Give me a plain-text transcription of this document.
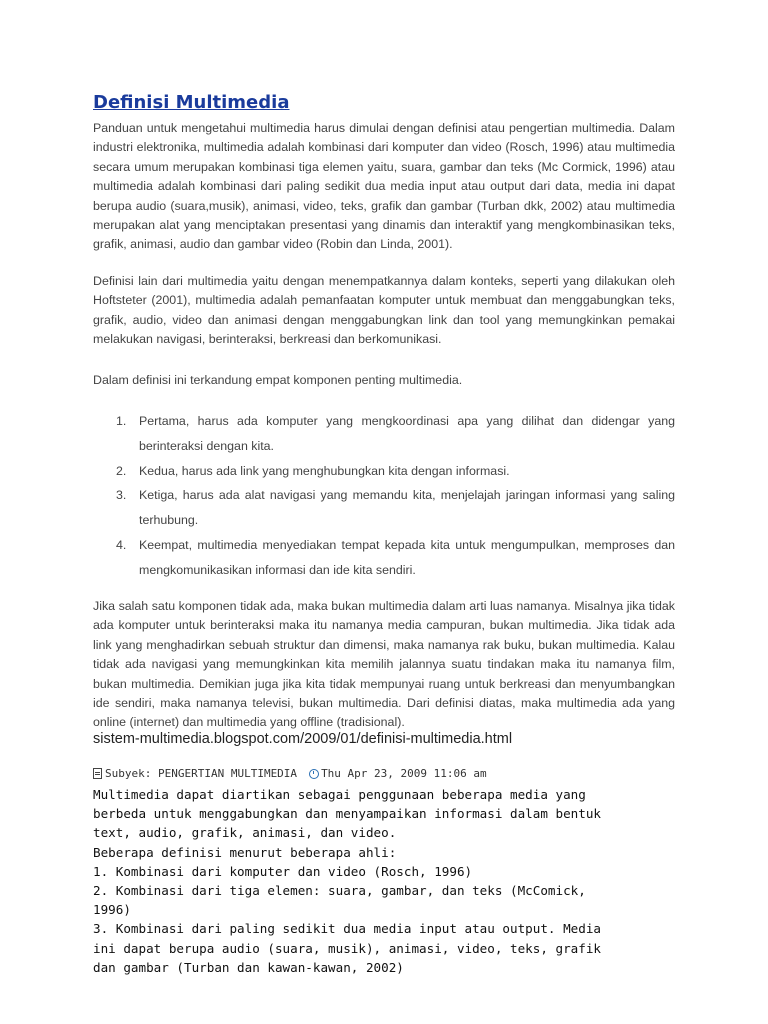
Definisi Multimedia

Panduan untuk mengetahui multimedia harus dimulai dengan definisi atau pengertian multimedia. Dalam industri elektronika, multimedia adalah kombinasi dari komputer dan video (Rosch, 1996) atau multimedia secara umum merupakan kombinasi tiga elemen yaitu, suara, gambar dan teks (Mc Cormick, 1996) atau multimedia adalah kombinasi dari paling sedikit dua media input atau output dari data, media ini dapat berupa audio (suara,musik), animasi, video, teks, grafik dan gambar (Turban dkk, 2002) atau multimedia merupakan alat yang menciptakan presentasi yang dinamis dan interaktif yang mengkombinasikan teks, grafik, animasi, audio dan gambar video (Robin dan Linda, 2001).

Definisi lain dari multimedia yaitu dengan menempatkannya dalam konteks, seperti yang dilakukan oleh Hoftsteter (2001), multimedia adalah pemanfaatan komputer untuk membuat dan menggabungkan teks, grafik, audio, video dan animasi dengan menggabungkan link dan tool yang memungkinkan pemakai melakukan navigasi, berinteraksi, berkreasi dan berkomunikasi.

Dalam definisi ini terkandung empat komponen penting multimedia.

1. Pertama, harus ada komputer yang mengkoordinasi apa yang dilihat dan didengar yang berinteraksi dengan kita.
2. Kedua, harus ada link yang menghubungkan kita dengan informasi.
3. Ketiga, harus ada alat navigasi yang memandu kita, menjelajah jaringan informasi yang saling terhubung.
4. Keempat, multimedia menyediakan tempat kepada kita untuk mengumpulkan, memproses dan mengkomunikasikan informasi dan ide kita sendiri.

Jika salah satu komponen tidak ada, maka bukan multimedia dalam arti luas namanya. Misalnya jika tidak ada komputer untuk berinteraksi maka itu namanya media campuran, bukan multimedia. Jika tidak ada link yang menghadirkan sebuah struktur dan dimensi, maka namanya rak buku, bukan multimedia. Kalau tidak ada navigasi yang memungkinkan kita memilih jalannya suatu tindakan maka itu namanya film, bukan multimedia. Demikian juga jika kita tidak mempunyai ruang untuk berkreasi dan menyumbangkan ide sendiri, maka namanya televisi, bukan multimedia. Dari definisi diatas, maka multimedia ada yang online (internet) dan multimedia yang offline (tradisional).

sistem-multimedia.blogspot.com/2009/01/definisi-multimedia.html
Subyek: PENGERTIAN MULTIMEDIA Thu Apr 23, 2009 11:06 am

Multimedia dapat diartikan sebagai penggunaan beberapa media yang berbeda untuk menggabungkan dan menyampaikan informasi dalam bentuk text, audio, grafik, animasi, dan video.

Beberapa definisi menurut beberapa ahli:

1. Kombinasi dari komputer dan video (Rosch, 1996)

2. Kombinasi dari tiga elemen: suara, gambar, dan teks (McComick, 1996)

3. Kombinasi dari paling sedikit dua media input atau output. Media ini dapat berupa audio (suara, musik), animasi, video, teks, grafik dan gambar (Turban dan kawan-kawan, 2002)
